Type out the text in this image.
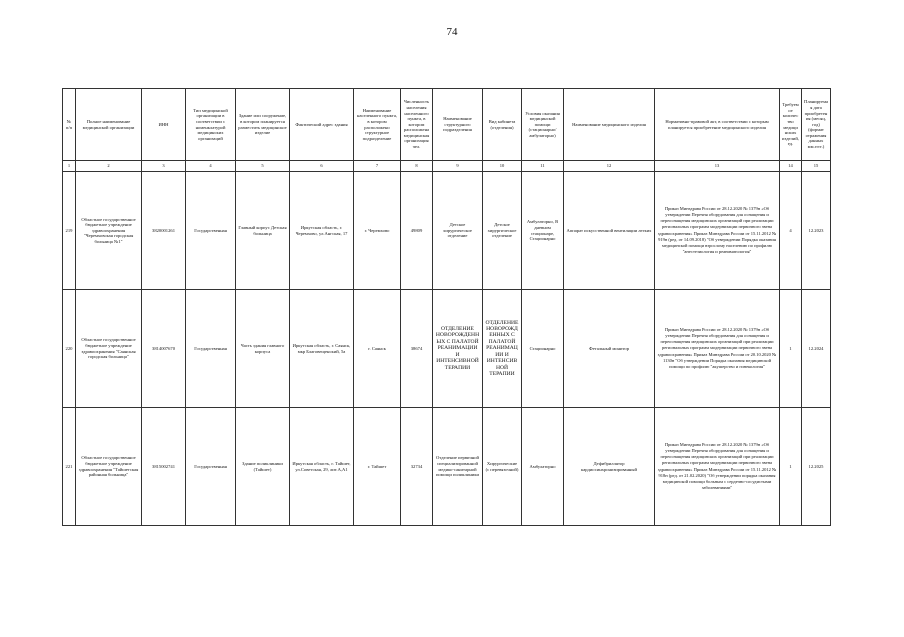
74
№ п/п	Полное наименование медицинской организации	ИНН	Тип медицинской организации в соответствии с номенклатурой медицинских организаций	Здание или сооружение, в котором планируется разместить медицинское изделие	Фактический адрес здания	Наименование населенного пункта, в котором расположено структурное подразделение	Численность населения населенного пункта, в котором расположена медицинская организация чел.	Наименование структурного подразделения	Вид кабинета (отделения)	Условия оказания медицинской помощи (стационарно/амбулаторно)	Наименование медицинского изделия	Нормативно-правовой акт, в соответствии с которым планируется приобретение медицинского изделия	Требуемое количество медицинских изделий, ед.	Планируемая дата приобретения (месяц, год) (формат отражения данных мм.гггг.)
1	2	3	4	5	6	7	8	9	10	11	12	13	14	15
219	Областное государственное бюджетное учреждение здравоохранения "Черемховская городская больница №1"	3820001261	Государственная	Главный корпус Детская больница	Иркутская область, г. Черемхово, ул.Ангская, 17	г. Черемхово	49809	Детское хирургическое отделение	Детское хирургическое отделение	Амбулаторно, В дневном стационаре, Стационарно	Аппарат искусственной вентиляции легких	Приказ Минздрава России от 28.12.2020 № 1379н «Об утверждении Перечня оборудования для оснащения и переоснащения медицинских организаций при реализации региональных программ модернизации первичного звена здравоохранения» Приказ Минздрава России от 15.11.2012 № 919н (ред. от 14.09.2018) "Об утверждении Порядка оказания медицинской помощи взрослому населению по профилю "анестезиология и реаниматология"	4	12.2023
220	Областное государственное бюджетное учреждение здравоохранения "Саянская городская больница"	3814007670	Государственная	Часть здания главного корпуса	Иркутская область, г. Саянск, мкр Благовещенский, 5а	г. Саянск	38674	ОТДЕЛЕНИЕ НОВОРОЖДЕННЫХ С ПАЛАТОЙ РЕАНИМАЦИИ И ИНТЕНСИВНОЙ ТЕРАПИИ	ОТДЕЛЕНИЕ НОВОРОЖДЕННЫХ С ПАЛАТОЙ РЕАНИМАЦИИ И ИНТЕНСИВНОЙ ТЕРАПИИ	Стационарно	Фетальный монитор	Приказ Минздрава России от 28.12.2020 № 1379н «Об утверждении Перечня оборудования для оснащения и переоснащения медицинских организаций при реализации региональных программ модернизации первичного звена здравоохранения» Приказ Минздрава России от 20.10.2020 № 1130н "Об утверждении Порядка оказания медицинской помощи по профилю "акушерство и гинекология"	1	12.2024
221	Областное государственное бюджетное учреждение здравоохранения "Тайшетская районная больница"	3815002741	Государственная	Здание поликлиники (Тайшет)	Иркутская область, г. Тайшет, ул.Советская, 29, лит.А,А1	г. Тайшет	32734	Отделение первичной специализированной медико-санитарной помощи поликлиники	Хирургические (с перевязочной)	Амбулаторно	Дефибриллятор кардиосинхронизированный	Приказ Минздрава России от 28.12.2020 № 1379н «Об утверждении Перечня оборудования для оснащения и переоснащения медицинских организаций при реализации региональных программ модернизации первичного звена здравоохранения» Приказ Минздрава России от 15.11.2012 № 918н (ред. от 21.02.2020) "Об утверждении порядка оказания медицинской помощи больным с сердечно-сосудистыми заболеваниями"	1	12.2025
